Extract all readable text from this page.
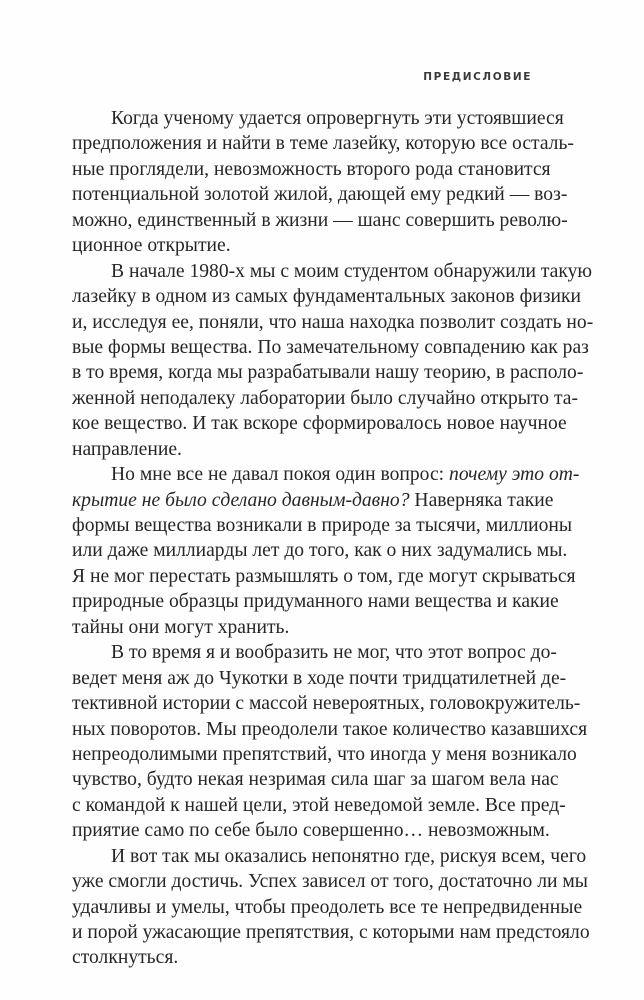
ПРЕДИСЛОВИЕ
Когда ученому удается опровергнуть эти устоявшиеся
предположения и найти в теме лазейку, которую все осталь-
ные проглядели, невозможность второго рода становится
потенциальной золотой жилой, дающей ему редкий — воз-
можно, единственный в жизни — шанс совершить револю-
ционное открытие.
В начале 1980-х мы с моим студентом обнаружили такую
лазейку в одном из самых фундаментальных законов физики
и, исследуя ее, поняли, что наша находка позволит создать но-
вые формы вещества. По замечательному совпадению как раз
в то время, когда мы разрабатывали нашу теорию, в располо-
женной неподалеку лаборатории было случайно открыто та-
кое вещество. И так вскоре сформировалось новое научное
направление.
Но мне все не давал покоя один вопрос: почему это от-
крытие не было сделано давным-давно? Наверняка такие
формы вещества возникали в природе за тысячи, миллионы
или даже миллиарды лет до того, как о них задумались мы.
Я не мог перестать размышлять о том, где могут скрываться
природные образцы придуманного нами вещества и какие
тайны они могут хранить.
В то время я и вообразить не мог, что этот вопрос до-
ведет меня аж до Чукотки в ходе почти тридцатилетней де-
тективной истории с массой невероятных, головокружитель-
ных поворотов. Мы преодолели такое количество казавшихся
непреодолимыми препятствий, что иногда у меня возникало
чувство, будто некая незримая сила шаг за шагом вела нас
с командой к нашей цели, этой неведомой земле. Все пред-
приятие само по себе было совершенно… невозможным.
И вот так мы оказались непонятно где, рискуя всем, чего
уже смогли достичь. Успех зависел от того, достаточно ли мы
удачливы и умелы, чтобы преодолеть все те непредвиденные
и порой ужасающие препятствия, с которыми нам предстояло
столкнуться.
